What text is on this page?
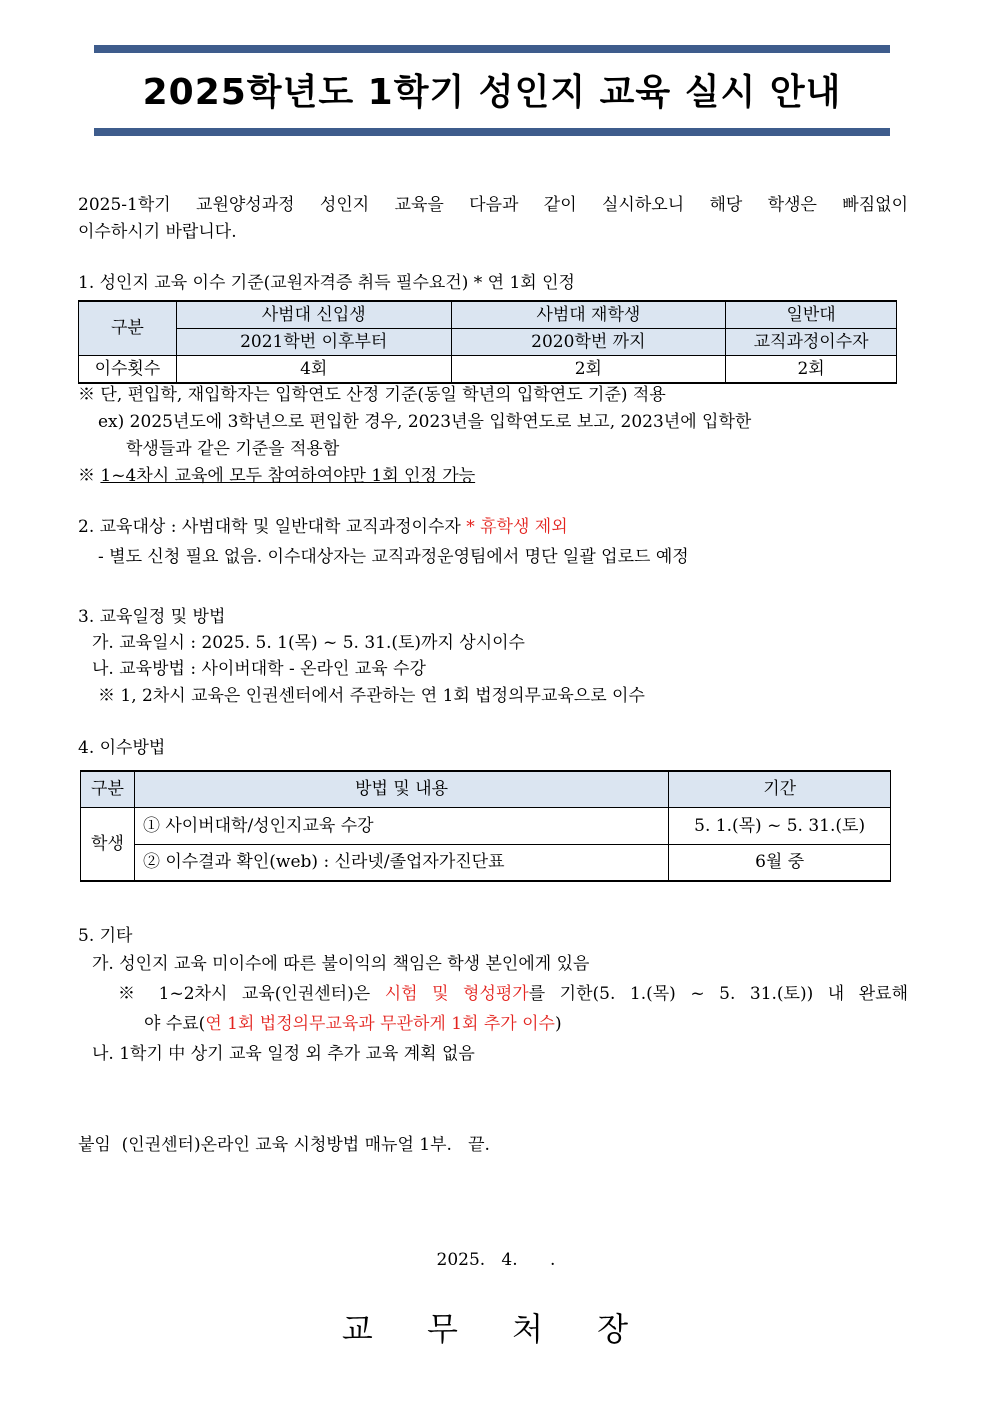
2025학년도 1학기 성인지 교육 실시 안내
2025-1학기 교원양성과정 성인지 교육을 다음과 같이 실시하오니 해당 학생은 빠짐없이
이수하시기 바랍니다.
1. 성인지 교육 이수 기준(교원자격증 취득 필수요건) * 연 1회 인정
구분	사범대 신입생	사범대 재학생	일반대
	2021학번 이후부터	2020학번 까지	교직과정이수자
이수횟수	4회	2회	2회
※ 단, 편입학, 재입학자는 입학연도 산정 기준(동일 학년의 입학연도 기준) 적용
ex) 2025년도에 3학년으로 편입한 경우, 2023년을 입학연도로 보고, 2023년에 입학한
학생들과 같은 기준을 적용함
※ 1~4차시 교육에 모두 참여하여야만 1회 인정 가능
2. 교육대상 : 사범대학 및 일반대학 교직과정이수자 * 휴학생 제외
- 별도 신청 필요 없음. 이수대상자는 교직과정운영팀에서 명단 일괄 업로드 예정
3. 교육일정 및 방법
가. 교육일시 : 2025. 5. 1(목) ~ 5. 31.(토)까지 상시이수
나. 교육방법 : 사이버대학 - 온라인 교육 수강
※ 1, 2차시 교육은 인권센터에서 주관하는 연 1회 법정의무교육으로 이수
4. 이수방법
구분	방법 및 내용	기간
학생	① 사이버대학/성인지교육 수강	5. 1.(목) ~ 5. 31.(토)
	② 이수결과 확인(web) : 신라넷/졸업자가진단표	6월 중
5. 기타
가. 성인지 교육 미이수에 따른 불이익의 책임은 학생 본인에게 있음
※ 1~2차시 교육(인권센터)은 시험 및 형성평가를 기한(5. 1.(목) ~ 5. 31.(토)) 내 완료해
야 수료(연 1회 법정의무교육과 무관하게 1회 추가 이수)
나. 1학기 中 상기 교육 일정 외 추가 교육 계획 없음
붙임  (인권센터)온라인 교육 시청방법 매뉴얼 1부.   끝.
2025.   4.      .
교 무 처 장
